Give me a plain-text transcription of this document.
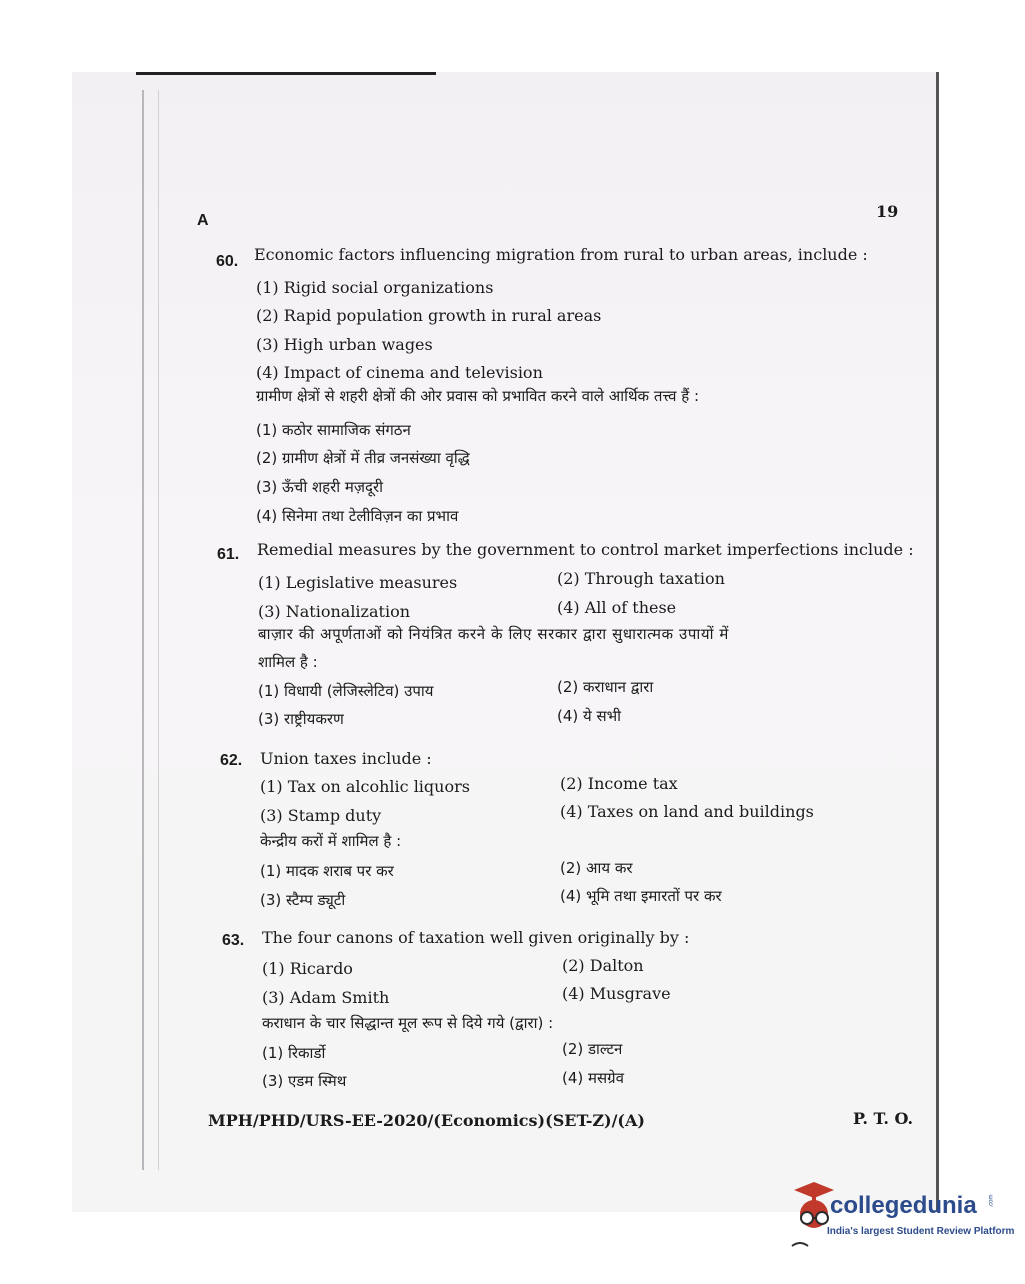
A	19
60. Economic factors influencing migration from rural to urban areas, include :
(1) Rigid social organizations
(2) Rapid population growth in rural areas
(3) High urban wages
(4) Impact of cinema and television
ग्रामीण क्षेत्रों से शहरी क्षेत्रों की ओर प्रवास को प्रभावित करने वाले आर्थिक तत्त्व हैं :
(1) कठोर सामाजिक संगठन
(2) ग्रामीण क्षेत्रों में तीव्र जनसंख्या वृद्धि
(3) ऊँची शहरी मज़दूरी
(4) सिनेमा तथा टेलीविज़न का प्रभाव
61. Remedial measures by the government to control market imperfections include :
(1) Legislative measures	(2) Through taxation
(3) Nationalization	(4) All of these
बाज़ार की अपूर्णताओं को नियंत्रित करने के लिए सरकार द्वारा सुधारात्मक उपायों में
शामिल है :
(1) विधायी (लेजिस्लेटिव) उपाय	(2) कराधान द्वारा
(3) राष्ट्रीयकरण	(4) ये सभी
62. Union taxes include :
(1) Tax on alcohlic liquors	(2) Income tax
(3) Stamp duty	(4) Taxes on land and buildings
केन्द्रीय करों में शामिल है :
(1) मादक शराब पर कर	(2) आय कर
(3) स्टैम्प ड्यूटी	(4) भूमि तथा इमारतों पर कर
63. The four canons of taxation well given originally by :
(1) Ricardo	(2) Dalton
(3) Adam Smith	(4) Musgrave
कराधान के चार सिद्धान्त मूल रूप से दिये गये (द्वारा) :
(1) रिकार्डो	(2) डाल्टन
(3) एडम स्मिथ	(4) मसग्रेव
MPH/PHD/URS-EE-2020/(Economics)(SET-Z)/(A)	P. T. O.
collegedunia .com
India's largest Student Review Platform
